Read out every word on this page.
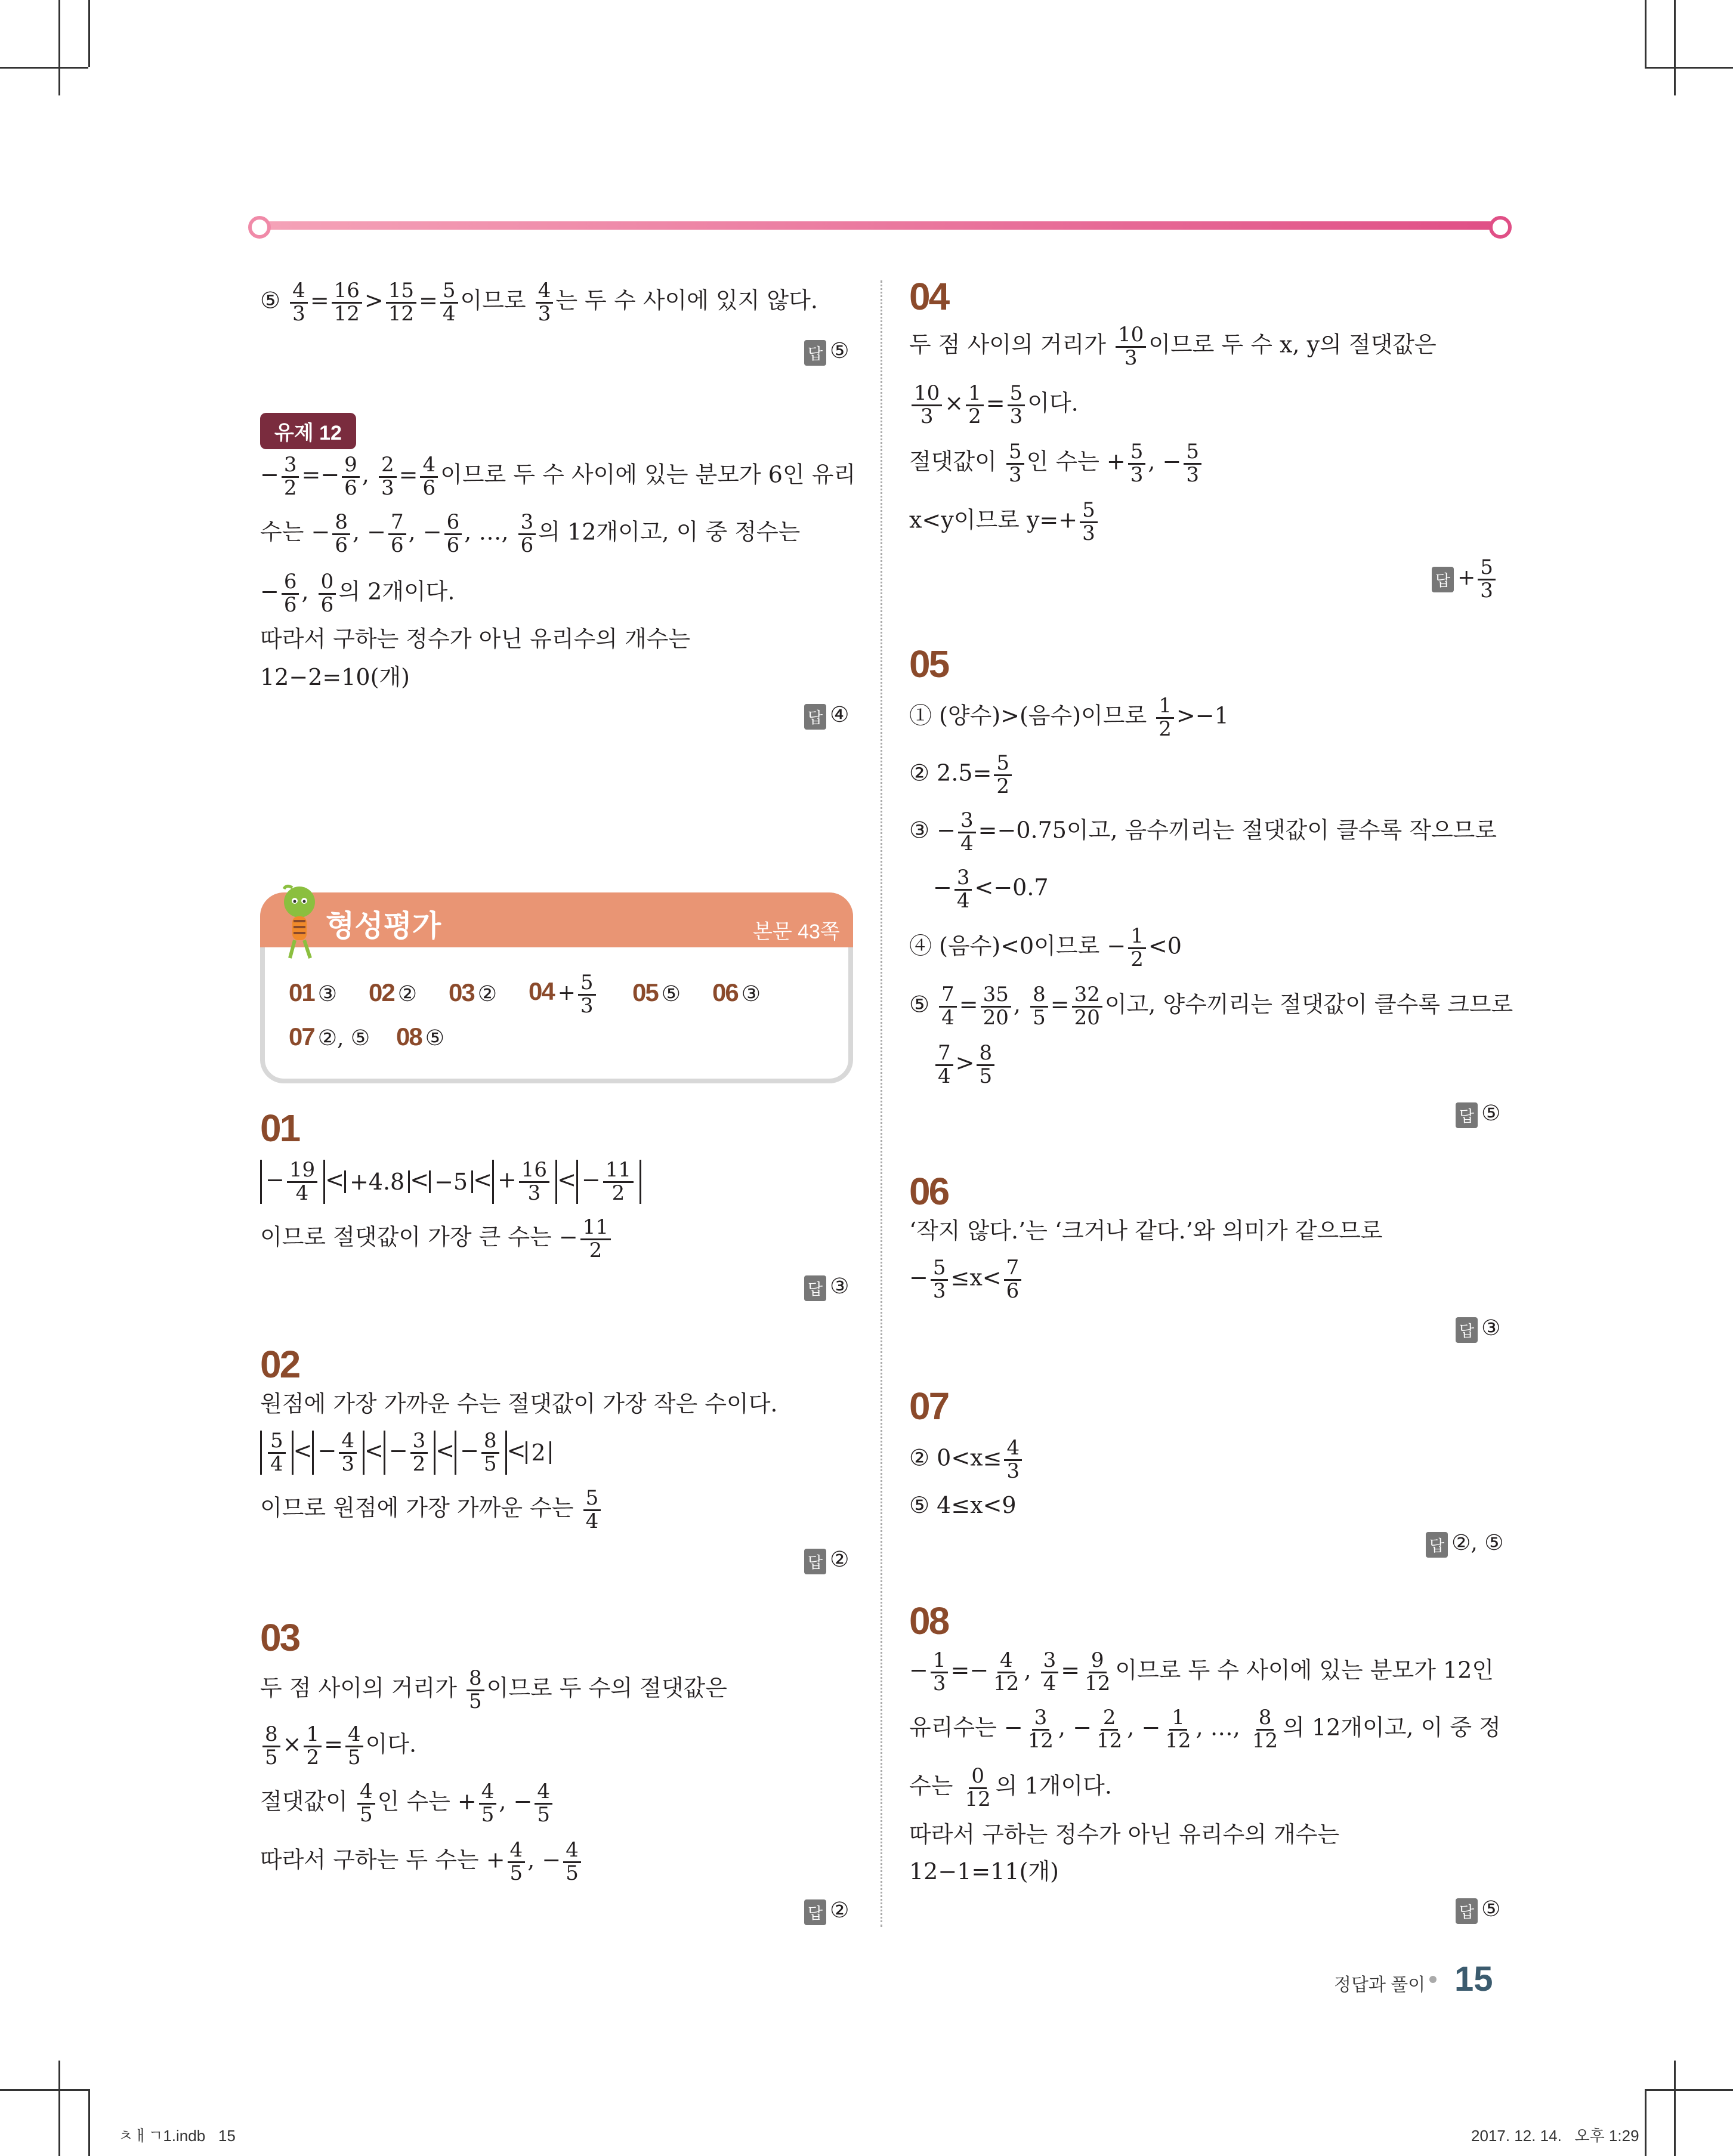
⑤ $\frac{4}{3} = \frac{16}{12} > \frac{15}{12} = \frac{5}{4}$ 이므로 $\frac{4}{3}$ 는 두 수 사이에 있지 않다.
답 ⑤
유제 12
− $\frac{3}{2} =- \frac{9}{6}$ , $\frac{2}{3} = \frac{4}{6}$ 이므로 두 수 사이에 있는 분모가 6인 유리
수는 − $\frac{8}{6}$ , − $\frac{7}{6}$ , − $\frac{6}{6}$ , …, $\frac{3}{6}$ 의 12개이고, 이 중 정수는
− $\frac{6}{6}$ , $\frac{0}{6}$ 의 2개이다.
따라서 구하는 정수가 아닌 유리수의 개수는
12−2=10(개)
답 ④
형성평가	본문 43쪽
01 ③ 02 ② 03 ② $04 + \frac{5}{3} 05$ ⑤ 06 ③
07 ②, ⑤ 08 ⑤
01
− $\frac{19}{4} < +4.8 < -5$ < + $\frac{16}{3}$ < − $\frac{11}{2}$
이므로 절댓값이 가장 큰 수는 − $\frac{11}{2}$
답 ③
02
원점에 가장 가까운 수는 절댓값이 가장 작은 수이다.
$\frac{5}{4}$ < − $\frac{4}{3}$ < − $\frac{3}{2}$ < − $\frac{8}{5} < 2$
이므로 원점에 가장 가까운 수는 $\frac{5}{4}$
답 ②
03
두 점 사이의 거리가 $\frac{8}{5}$ 이므로 두 수의 절댓값은
$\frac{8}{5} \times \frac{1}{2} = \frac{4}{5}$ 이다.
절댓값이 $\frac{4}{5}$ 인 수는 + $\frac{4}{5}$ , − $\frac{4}{5}$
따라서 구하는 두 수는 + $\frac{4}{5}$ , − $\frac{4}{5}$
답 ②
04
두 점 사이의 거리가 $\frac{10}{3}$ 이므로 두 수 x, y의 절댓값은
$\frac{10}{3} \times \frac{1}{2} = \frac{5}{3}$ 이다.
절댓값이 $\frac{5}{3}$ 인 수는 + $\frac{5}{3}$ , − $\frac{5}{3}$
x<y이므로 $y=+ \frac{5}{3}$
답 + $\frac{5}{3}$
05
① (양수)>(음수)이므로 $\frac{1}{2} >-1$
② $2.5= \frac{5}{2}$
③ − $\frac{3}{4} =-0.75$이고, 음수끼리는 절댓값이 클수록 작으므로
− $\frac{3}{4} <-0.7$
④ (음수)<0이므로 − $\frac{1}{2} <0$
⑤ $\frac{7}{4} = \frac{35}{20}$ , $\frac{8}{5} = \frac{32}{20}$ 이고, 양수끼리는 절댓값이 클수록 크므로
$\frac{7}{4} > \frac{8}{5}$
답 ⑤
06
‘작지 않다.’는 ‘크거나 같다.’와 의미가 같으므로
− $\frac{5}{3} \le x< \frac{7}{6}$
답 ③
07
② $0<x\le \frac{4}{3}$
⑤ 4≤x<9
답 ②, ⑤
08
− $\frac{1}{3} =- \frac{4}{12}$ , $\frac{3}{4} = \frac{9}{12}$ 이므로 두 수 사이에 있는 분모가 12인
유리수는 − $\frac{3}{12}$ , − $\frac{2}{12}$ , − $\frac{1}{12}$ , …, $\frac{8}{12}$ 의 12개이고, 이 중 정
수는 $\frac{0}{12}$ 의 1개이다.
따라서 구하는 정수가 아닌 유리수의 개수는
12−1=11(개)
답 ⑤
정답과 풀이 15
ㅊㅐㄱ1.indb   15	2017. 12. 14.   오후 1:29
